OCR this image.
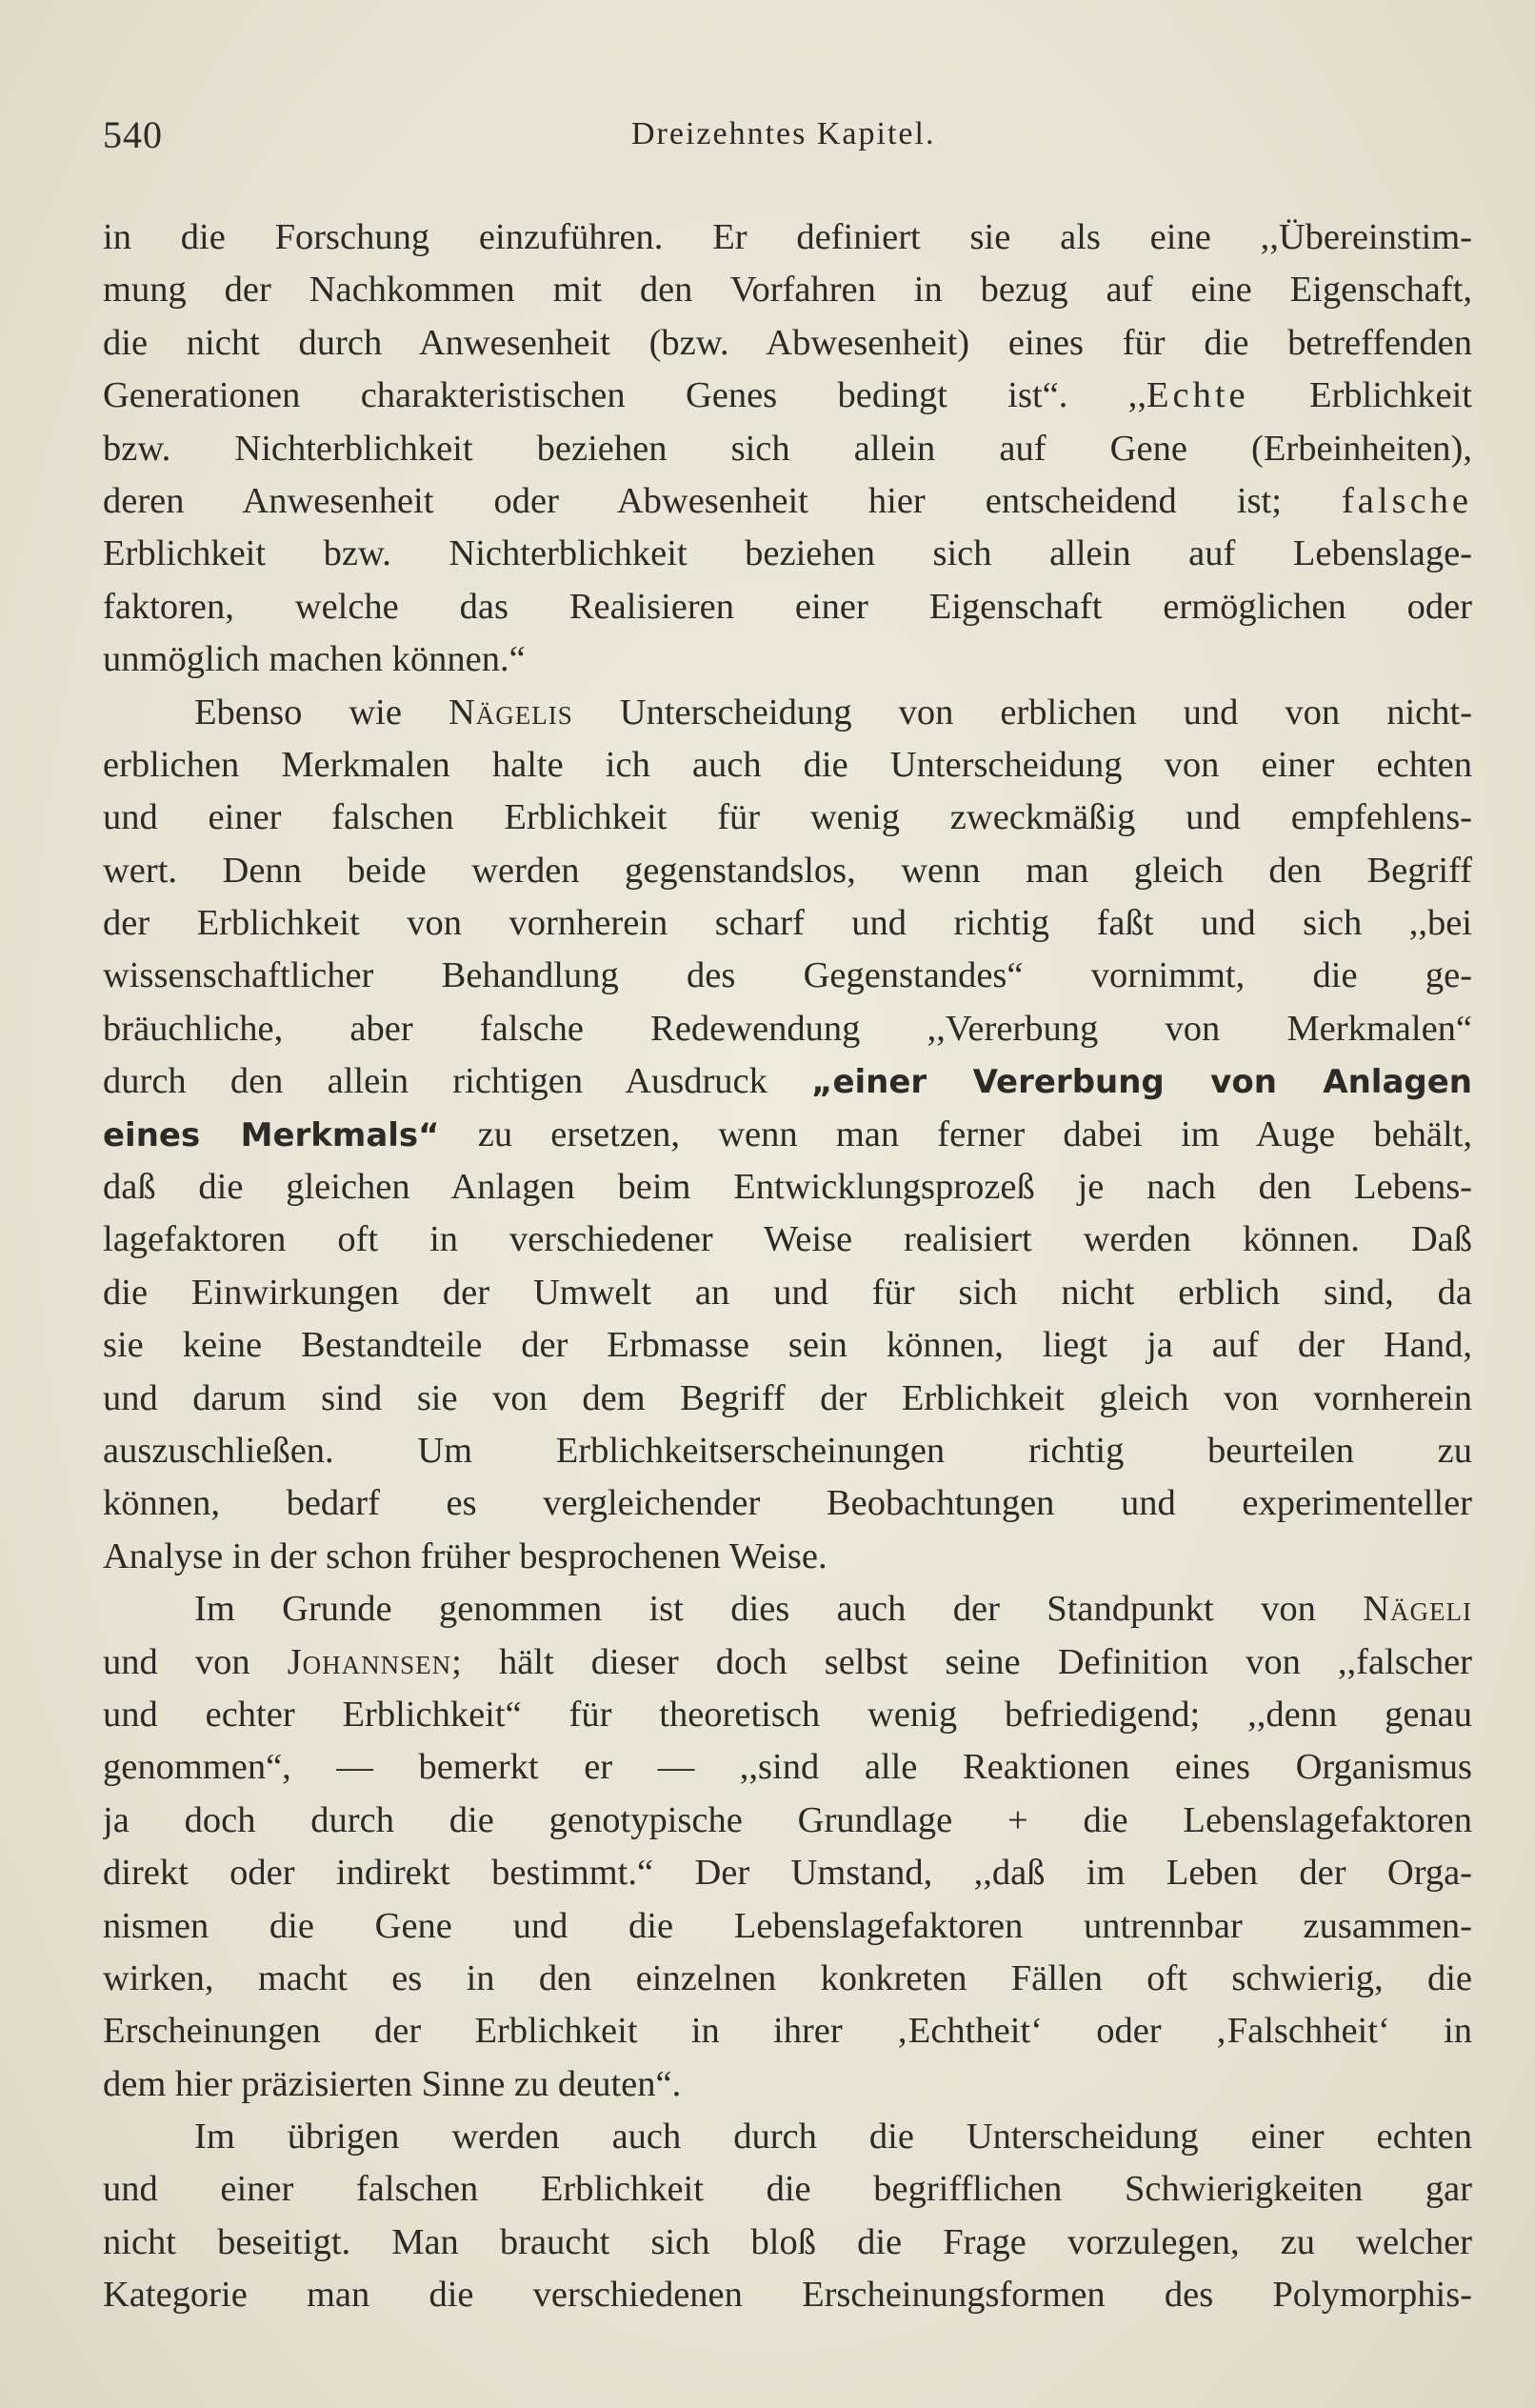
540	Dreizehntes Kapitel.
in die Forschung einzuführen. Er definiert sie als eine ,,Übereinstim-
mung der Nachkommen mit den Vorfahren in bezug auf eine Eigenschaft,
die nicht durch Anwesenheit (bzw. Abwesenheit) eines für die betreffenden
Generationen charakteristischen Genes bedingt ist“. ,,Echte Erblichkeit
bzw. Nichterblichkeit beziehen sich allein auf Gene (Erbeinheiten),
deren Anwesenheit oder Abwesenheit hier entscheidend ist; falsche
Erblichkeit bzw. Nichterblichkeit beziehen sich allein auf Lebenslage-
faktoren, welche das Realisieren einer Eigenschaft ermöglichen oder
unmöglich machen können.“
Ebenso wie Nägelis Unterscheidung von erblichen und von nicht-
erblichen Merkmalen halte ich auch die Unterscheidung von einer echten
und einer falschen Erblichkeit für wenig zweckmäßig und empfehlens-
wert. Denn beide werden gegenstandslos, wenn man gleich den Begriff
der Erblichkeit von vornherein scharf und richtig faßt und sich ,,bei
wissenschaftlicher Behandlung des Gegenstandes“ vornimmt, die ge-
bräuchliche, aber falsche Redewendung ,,Vererbung von Merkmalen“
durch den allein richtigen Ausdruck „einer Vererbung von Anlagen
eines Merkmals“ zu ersetzen, wenn man ferner dabei im Auge behält,
daß die gleichen Anlagen beim Entwicklungsprozeß je nach den Lebens-
lagefaktoren oft in verschiedener Weise realisiert werden können. Daß
die Einwirkungen der Umwelt an und für sich nicht erblich sind, da
sie keine Bestandteile der Erbmasse sein können, liegt ja auf der Hand,
und darum sind sie von dem Begriff der Erblichkeit gleich von vornherein
auszuschließen. Um Erblichkeitserscheinungen richtig beurteilen zu
können, bedarf es vergleichender Beobachtungen und experimenteller
Analyse in der schon früher besprochenen Weise.
Im Grunde genommen ist dies auch der Standpunkt von Nägeli
und von Johannsen; hält dieser doch selbst seine Definition von ,,falscher
und echter Erblichkeit“ für theoretisch wenig befriedigend; ,,denn genau
genommen“, — bemerkt er — ,,sind alle Reaktionen eines Organismus
ja doch durch die genotypische Grundlage + die Lebenslagefaktoren
direkt oder indirekt bestimmt.“ Der Umstand, ,,daß im Leben der Orga-
nismen die Gene und die Lebenslagefaktoren untrennbar zusammen-
wirken, macht es in den einzelnen konkreten Fällen oft schwierig, die
Erscheinungen der Erblichkeit in ihrer ‚Echtheit‘ oder ‚Falschheit‘ in
dem hier präzisierten Sinne zu deuten“.
Im übrigen werden auch durch die Unterscheidung einer echten
und einer falschen Erblichkeit die begrifflichen Schwierigkeiten gar
nicht beseitigt. Man braucht sich bloß die Frage vorzulegen, zu welcher
Kategorie man die verschiedenen Erscheinungsformen des Polymorphis-
